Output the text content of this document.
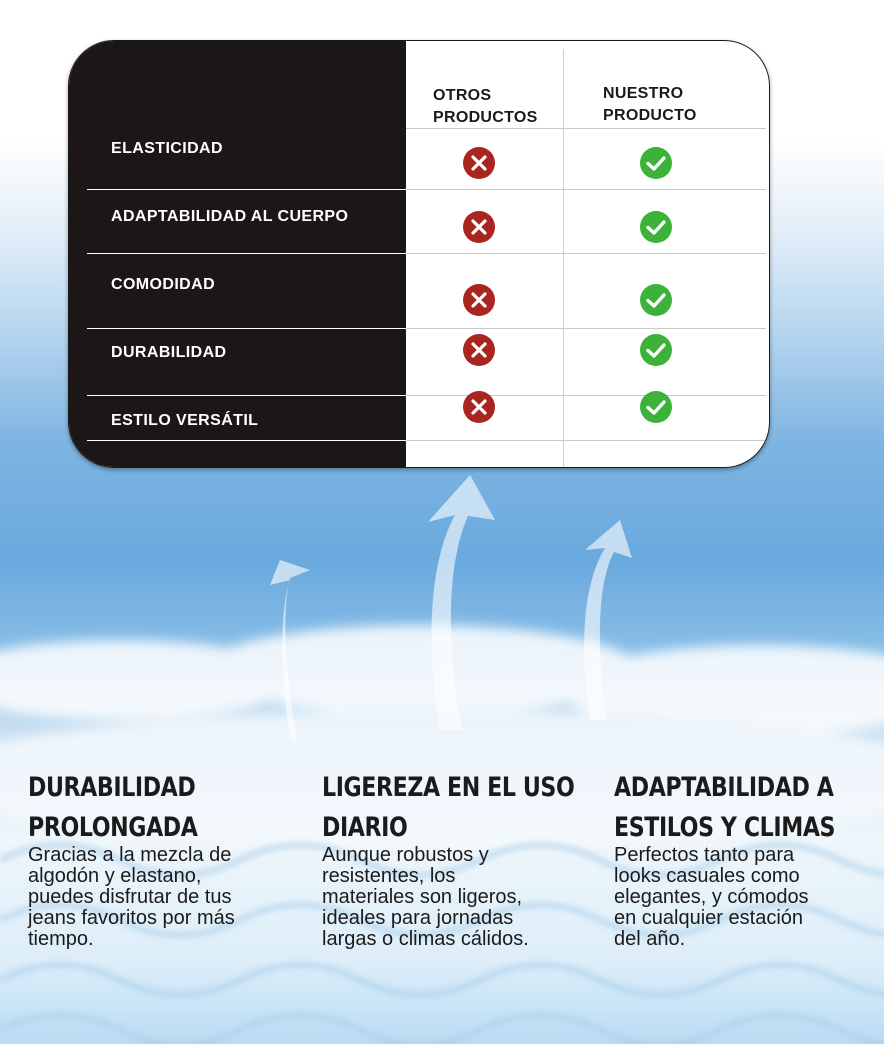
OTROS PRODUCTOS
NUESTRO PRODUCTO
ELASTICIDAD
ADAPTABILIDAD AL CUERPO
COMODIDAD
DURABILIDAD
ESTILO VERSÁTIL
DURABILIDAD
PROLONGADA
Gracias a la mezcla de
algodón y elastano,
puedes disfrutar de tus
jeans favoritos por más
tiempo.
LIGEREZA EN EL USO
DIARIO
Aunque robustos y
resistentes, los
materiales son ligeros,
ideales para jornadas
largas o climas cálidos.
ADAPTABILIDAD A
ESTILOS Y CLIMAS
Perfectos tanto para
looks casuales como
elegantes, y cómodos
en cualquier estación
del año.
